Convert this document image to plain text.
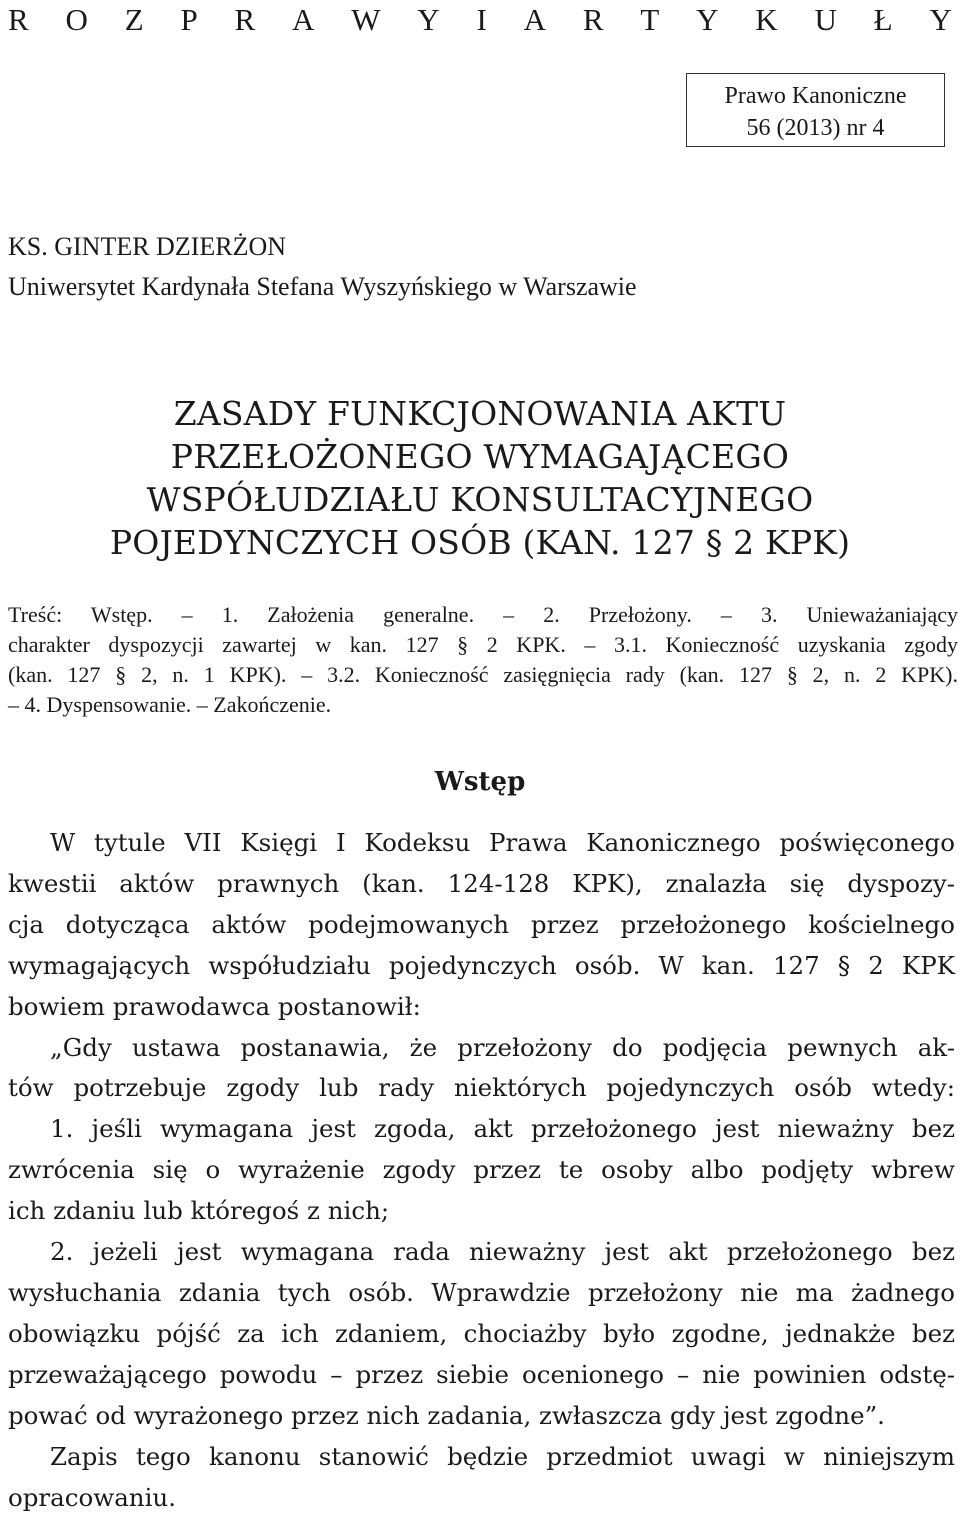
R O Z P R A W Y I A R T Y K U Ł Y
Prawo Kanoniczne
56 (2013) nr 4
KS. GINTER DZIERŻON
Uniwersytet Kardynała Stefana Wyszyńskiego w Warszawie
ZASADY FUNKCJONOWANIA AKTU
PRZEŁOŻONEGO WYMAGAJĄCEGO
WSPÓŁUDZIAŁU KONSULTACYJNEGO
POJEDYNCZYCH OSÓB (KAN. 127 § 2 KPK)
Treść: Wstęp. – 1. Założenia generalne. – 2. Przełożony. – 3. Unieważaniający
charakter dyspozycji zawartej w kan. 127 § 2 KPK. – 3.1. Konieczność uzyskania zgody
(kan. 127 § 2, n. 1 KPK). – 3.2. Konieczność zasięgnięcia rady (kan. 127 § 2, n. 2 KPK).
– 4. Dyspensowanie. – Zakończenie.
Wstęp
W tytule VII Księgi I Kodeksu Prawa Kanonicznego poświęconego
kwestii aktów prawnych (kan. 124-128 KPK), znalazła się dyspozy-
cja dotycząca aktów podejmowanych przez przełożonego kościelnego
wymagających współudziału pojedynczych osób. W kan. 127 § 2 KPK
bowiem prawodawca postanowił:
„Gdy ustawa postanawia, że przełożony do podjęcia pewnych ak-
tów potrzebuje zgody lub rady niektórych pojedynczych osób wtedy:
1. jeśli wymagana jest zgoda, akt przełożonego jest nieważny bez
zwrócenia się o wyrażenie zgody przez te osoby albo podjęty wbrew
ich zdaniu lub któregoś z nich;
2. jeżeli jest wymagana rada nieważny jest akt przełożonego bez
wysłuchania zdania tych osób. Wprawdzie przełożony nie ma żadnego
obowiązku pójść za ich zdaniem, chociażby było zgodne, jednakże bez
przeważającego powodu – przez siebie ocenionego – nie powinien odstę-
pować od wyrażonego przez nich zadania, zwłaszcza gdy jest zgodne”.
Zapis tego kanonu stanowić będzie przedmiot uwagi w niniejszym
opracowaniu.
